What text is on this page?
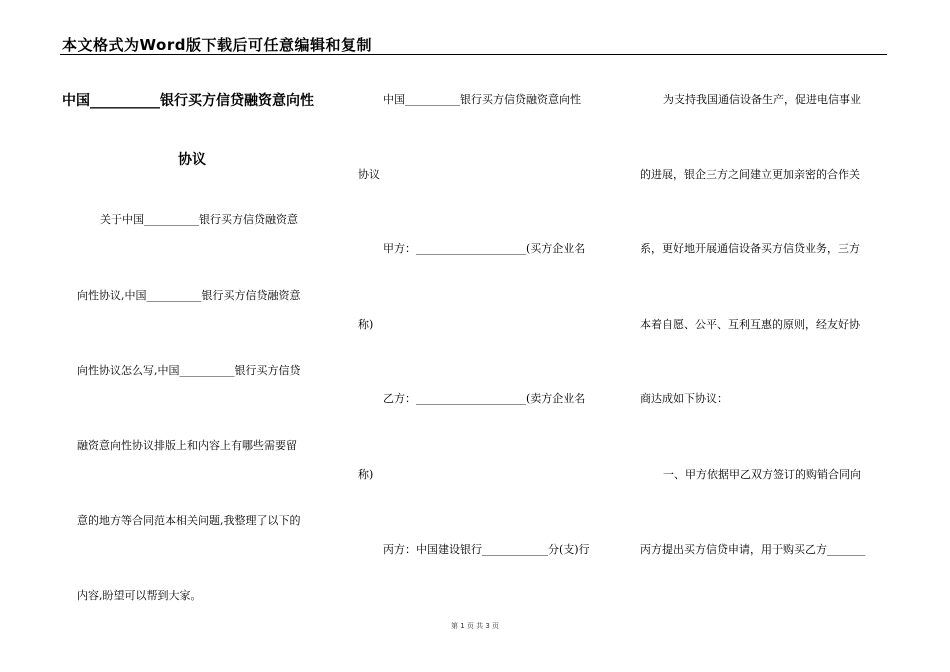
本文格式为Word版下载后可任意编辑和复制
中国__________银行买方信贷融资意向性
协议
关于中国__________银行买方信贷融资意
向性协议,中国__________银行买方信贷融资意
向性协议怎么写,中国__________银行买方信贷
融资意向性协议排版上和内容上有哪些需要留
意的地方等合同范本相关问题,我整理了以下的
内容,盼望可以帮到大家。
中国__________银行买方信贷融资意向性
协议
甲方：____________________(买方企业名
称)
乙方：____________________(卖方企业名
称)
丙方：中国建设银行____________分(支)行
为支持我国通信设备生产，促进电信事业
的进展，银企三方之间建立更加亲密的合作关
系，更好地开展通信设备买方信贷业务，三方
本着自愿、公平、互利互惠的原则，经友好协
商达成如下协议：
一、甲方依据甲乙双方签订的购销合同向
丙方提出买方信贷申请，用于购买乙方_______
第 1 页 共 3 页
